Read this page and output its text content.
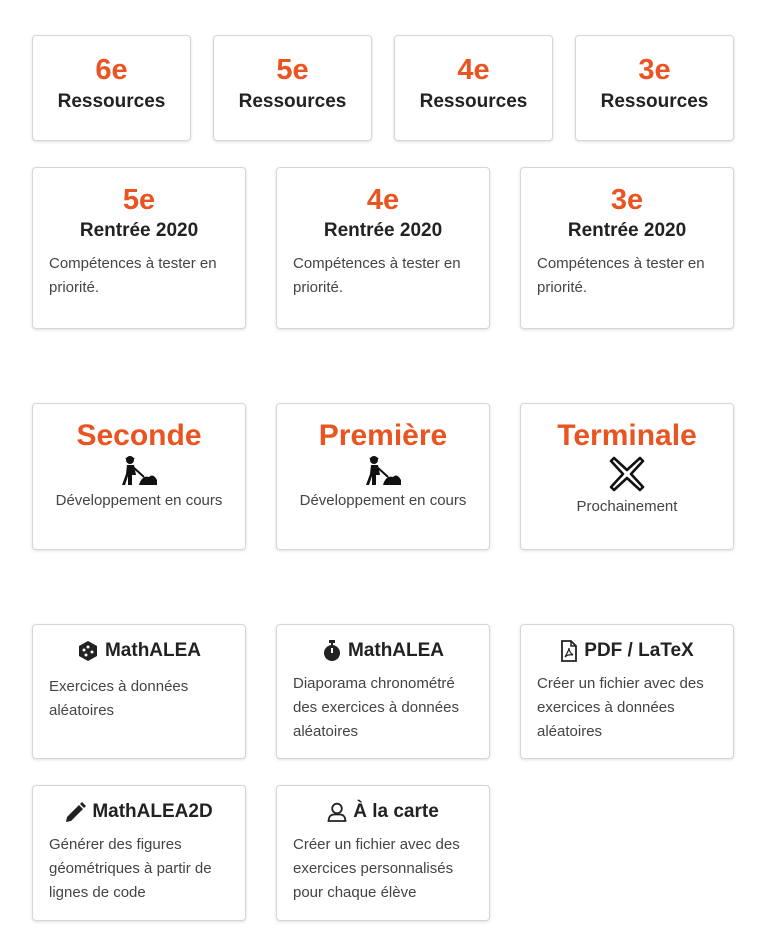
6e
Ressources
5e
Ressources
4e
Ressources
3e
Ressources
5e
Rentrée 2020
Compétences à tester en priorité.
4e
Rentrée 2020
Compétences à tester en priorité.
3e
Rentrée 2020
Compétences à tester en priorité.
Seconde
Développement en cours
Première
Développement en cours
Terminale
Prochainement
MathALEA
Exercices à données aléatoires
MathALEA
Diaporama chronométré des exercices à données aléatoires
PDF / LaTeX
Créer un fichier avec des exercices à données aléatoires
MathALEA2D
Générer des figures géométriques à partir de lignes de code
À la carte
Créer un fichier avec des exercices personnalisés pour chaque élève
